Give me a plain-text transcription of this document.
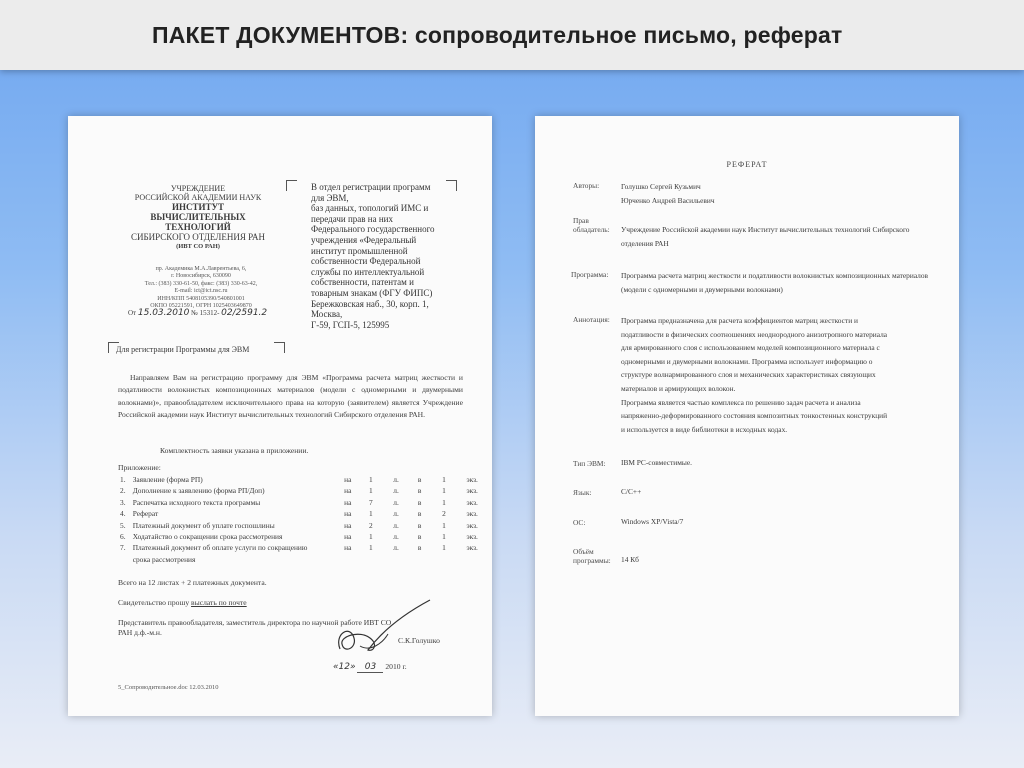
ПАКЕТ ДОКУМЕНТОВ: сопроводительное письмо, реферат
УЧРЕЖДЕНИЕ
РОССИЙСКОЙ АКАДЕМИИ НАУК
ИНСТИТУТ
ВЫЧИСЛИТЕЛЬНЫХ
ТЕХНОЛОГИЙ
СИБИРСКОГО ОТДЕЛЕНИЯ РАН
(ИВТ СО РАН)
пр. Академика М.А.Лаврентьева, 6,
г. Новосибирск, 630090
Тел.: (383) 330-61-50, факс: (383) 330-63-42,
E-mail: ict@ict.nsc.ru
ИНН/КПП 5408105390/540801001
ОКПО 05221591, ОГРН 1025403649870
От 15.03.2010 № 15312- 02/2591.2
В отдел регистрации программ
для ЭВМ,
баз данных, топологий ИМС и
передачи прав на них
Федерального государственного
учреждения «Федеральный
институт промышленной
собственности Федеральной
службы по интеллектуальной
собственности, патентам и
товарным знакам (ФГУ ФИПС)
Бережковская наб., 30, корп. 1,
Москва,
Г-59, ГСП-5, 125995
Для регистрации Программы для ЭВМ
Направляем Вам на регистрацию программу для ЭВМ «Программа расчета матриц жесткости и податливости волокнистых композиционных материалов (модели с одномерными и двумерными волокнами)», правообладателем исключительного права на которую (заявителем) является Учреждение Российской академии наук Институт вычислительных технологий Сибирского отделения РАН.
Комплектность заявки указана в приложении.
Приложение:
1.	Заявление (форма РП)	на	1	л.	в	1	экз.
2.	Дополнение к заявлению (форма РП/Доп)	на	1	л.	в	1	экз.
3.	Распечатка исходного текста программы	на	7	л.	в	1	экз.
4.	Реферат	на	1	л.	в	2	экз.
5.	Платежный документ об уплате госпошлины	на	2	л.	в	1	экз.
6.	Ходатайство о сокращении срока рассмотрения	на	1	л.	в	1	экз.
7.	Платежный документ об оплате услуги по сокращению	на	1	л.	в	1	экз.
	срока рассмотрения						
Всего на 12 листах + 2 платежных документа.
Свидетельство прошу выслать по почте
Представитель правообладателя, заместитель директора по научной работе ИВТ СО РАН д.ф.-м.н.
С.К.Голушко
«12» 03 2010 г.
5_Сопроводительное.doc 12.03.2010
РЕФЕРАТ
Авторы:	Голушко Сергей Кузьмич
Юрченко Андрей Васильевич
Прав
обладатель: Учреждение Российской академии наук Институт вычислительных технологий Сибирского отделения РАН
Программа: Программа расчета матриц жесткости и податливости волокнистых композиционных материалов (модели с одномерными и двумерными волокнами)
Аннотация: Программа предназначена для расчета коэффициентов матриц жесткости и
податливости в физических соотношениях неоднородного анизотропного материала
для армированного слоя с использованием моделей композиционного материала с
одномерными и двумерными волокнами. Программа использует информацию о
структуре волнармированного слоя и механических характеристиках связующих
материалов и армирующих волокон.
Программа является частью комплекса по решению задач расчета и анализа
напряженно-деформированного состояния композитных тонкостенных конструкций
и используется в виде библиотеки в исходных кодах.
Тип ЭВМ: IBM PC-совместимые.
Язык:	C/C++
ОС:	Windows XP/Vista/7
Объём
программы: 14 Кб
